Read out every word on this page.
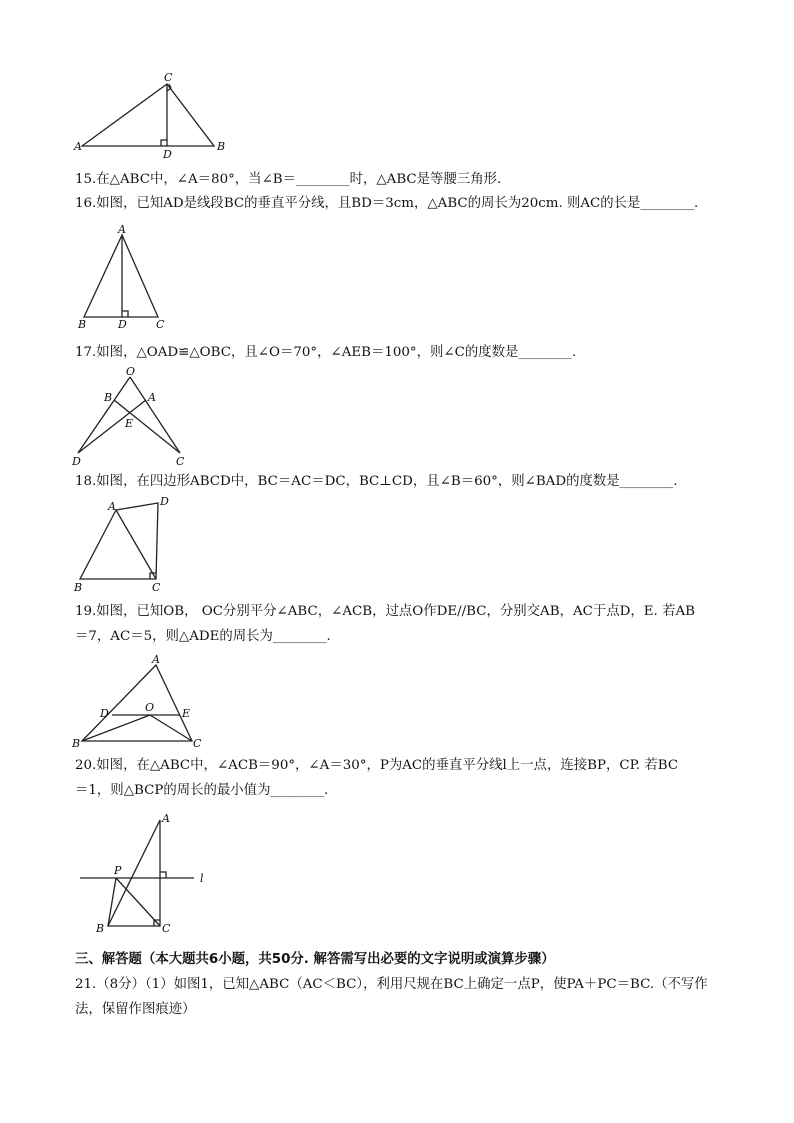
C
A
D
B
15.在△ABC中，∠A＝80°，当∠B＝________时，△ABC是等腰三角形.
16.如图，已知AD是线段BC的垂直平分线，且BD＝3cm，△ABC的周长为20cm. 则AC的长是________.
A
B	D	C
17.如图，△OAD≌△OBC，且∠O＝70°，∠AEB＝100°，则∠C的度数是________.
O
B	A
E
D	C
18.如图，在四边形ABCD中，BC＝AC＝DC，BC⊥CD，且∠B＝60°，则∠BAD的度数是________.
A	D
B	C
19.如图，已知OB， OC分别平分∠ABC，∠ACB，过点O作DE//BC，分别交AB，AC于点D，E. 若AB
＝7，AC＝5，则△ADE的周长为________.
A
D	O	E
B	C
20.如图，在△ABC中，∠ACB＝90°，∠A＝30°，P为AC的垂直平分线l上一点，连接BP，CP. 若BC
＝1，则△BCP的周长的最小值为________.
A
P
l
B	C
三、解答题（本大题共6小题，共50分. 解答需写出必要的文字说明或演算步骤）
21.（8分）（1）如图1，已知△ABC（AC＜BC），利用尺规在BC上确定一点P，使PA＋PC＝BC.（不写作
法，保留作图痕迹）
